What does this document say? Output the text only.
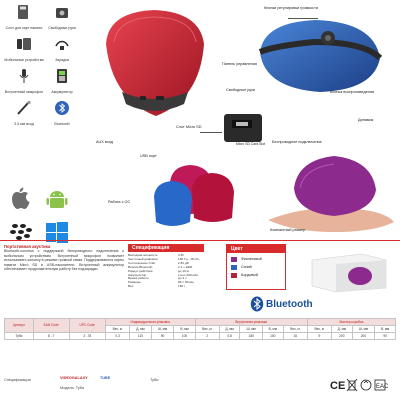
Слот для карт памяти	Свободные руки
Мобильные устройства	Зарядка
Встроенный микрофон	Аккумулятор
3.5 мм вход	Bluetooth
Работа с ОС
Кнопки регулировки громкости
Панель управления
Кнопка воспроизведения
Свободные руки
Слот Micro SD
Micro SD Card Slot
AUX вход
USB порт
Динамик
Беспроводное подключение
Компактный размер
Портативная акустика
Bluetooth-колонка с поддержкой беспроводного подключения к мобильным устройствам. Встроенный микрофон позволяет использовать колонку в режиме громкой связи. Поддерживаются карты памяти Micro SD и USB-накопители. Встроенный аккумулятор обеспечивает продолжительную работу без подзарядки.
Спецификация
Выходная мощность	3 Вт
Частотный диапазон	150 Гц - 18 кГц
Соотношение С/Ш	≥ 80 дБ
Версия Bluetooth	2.1 + EDR
Радиус действия	до 10 м
Аккумулятор	Li-ion 400 мАч
Время работы	до 4 ч
Размеры	80 × 80 мм
Вес	150 г
Цвет
Фиолетовый
Синий
Бордовый
Bluetooth
Артикул	EAN Code	UPC Code	Индивидуальная упаковка				Внутренняя упаковка					Мастер-коробка			
			Вес, кг	Д, мм	Ш, мм	В, мм	Вес, кг	Д, мм	Ш, мм	В, мм	Вес, кг	Вес, кг	Д, мм	Ш, мм	В, мм
Туби	8 ..7	3 ..78	0.3	110	90	100	2	0.8	180	100	16	9	200	200	90
Спецификация	VIDEOGALAXY	TUBE	Туби
Модель: Туби	CE	EAC
